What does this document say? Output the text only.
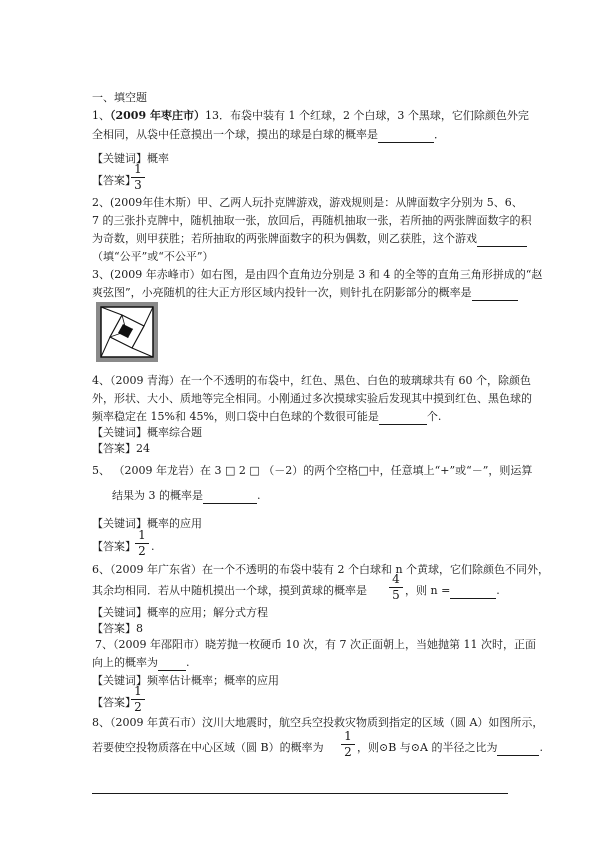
一、填空题
1、（2009 年枣庄市）13．布袋中装有 1 个红球，2 个白球，3 个黑球，它们除颜色外完
全相同，从袋中任意摸出一个球，摸出的球是白球的概率是	．
【关键词】概率
【答案】
1
3
2、(2009年佳木斯）甲、乙两人玩扑克牌游戏，游戏规则是：从牌面数字分别为 5、6、
7 的三张扑克牌中，随机抽取一张，放回后，再随机抽取一张，若所抽的两张牌面数字的积
为奇数，则甲获胜；若所抽取的两张牌面数字的积为偶数，则乙获胜，这个游戏
（填“公平”或“不公平”）
3、(2009 年赤峰市）如右图，是由四个直角边分别是 3 和 4 的全等的直角三角形拼成的“赵
爽弦图”，小亮随机的往大正方形区域内投针一次，则针扎在阴影部分的概率是
4、（2009 青海）在一个不透明的布袋中，红色、黑色、白色的玻璃球共有 60 个，除颜色
外，形状、大小、质地等完全相同。小刚通过多次摸球实验后发现其中摸到红色、黑色球的
频率稳定在 15%和 45%，则口袋中白色球的个数很可能是	个.
【关键词】概率综合题
【答案】24
5、 （2009 年龙岩）在 3 □ 2 □ （－2）的两个空格□中，任意填上“+”或“－”，则运算
结果为 3 的概率是	.
【关键词】概率的应用
【答案】
1
2 .
6、（2009 年广东省）在一个不透明的布袋中装有 2 个白球和 n 个黄球，它们除颜色不同外，
其余均相同．若从中随机摸出一个球，摸到黄球的概率是
4
5 ，则 n =	.
【关键词】概率的应用；解分式方程
【答案】8
7、（2009 年邵阳市）晓芳抛一枚硬币 10 次，有 7 次正面朝上，当她抛第 11 次时，正面
向上的概率为	.
【关键词】频率估计概率；概率的应用
【答案】
1
2
8、（2009 年黄石市）汶川大地震时，航空兵空投救灾物质到指定的区域（圆 A）如图所示，
若要使空投物质落在中心区域（圆 B）的概率为
1
2 ，则⊙B 与⊙A 的半径之比为	.
